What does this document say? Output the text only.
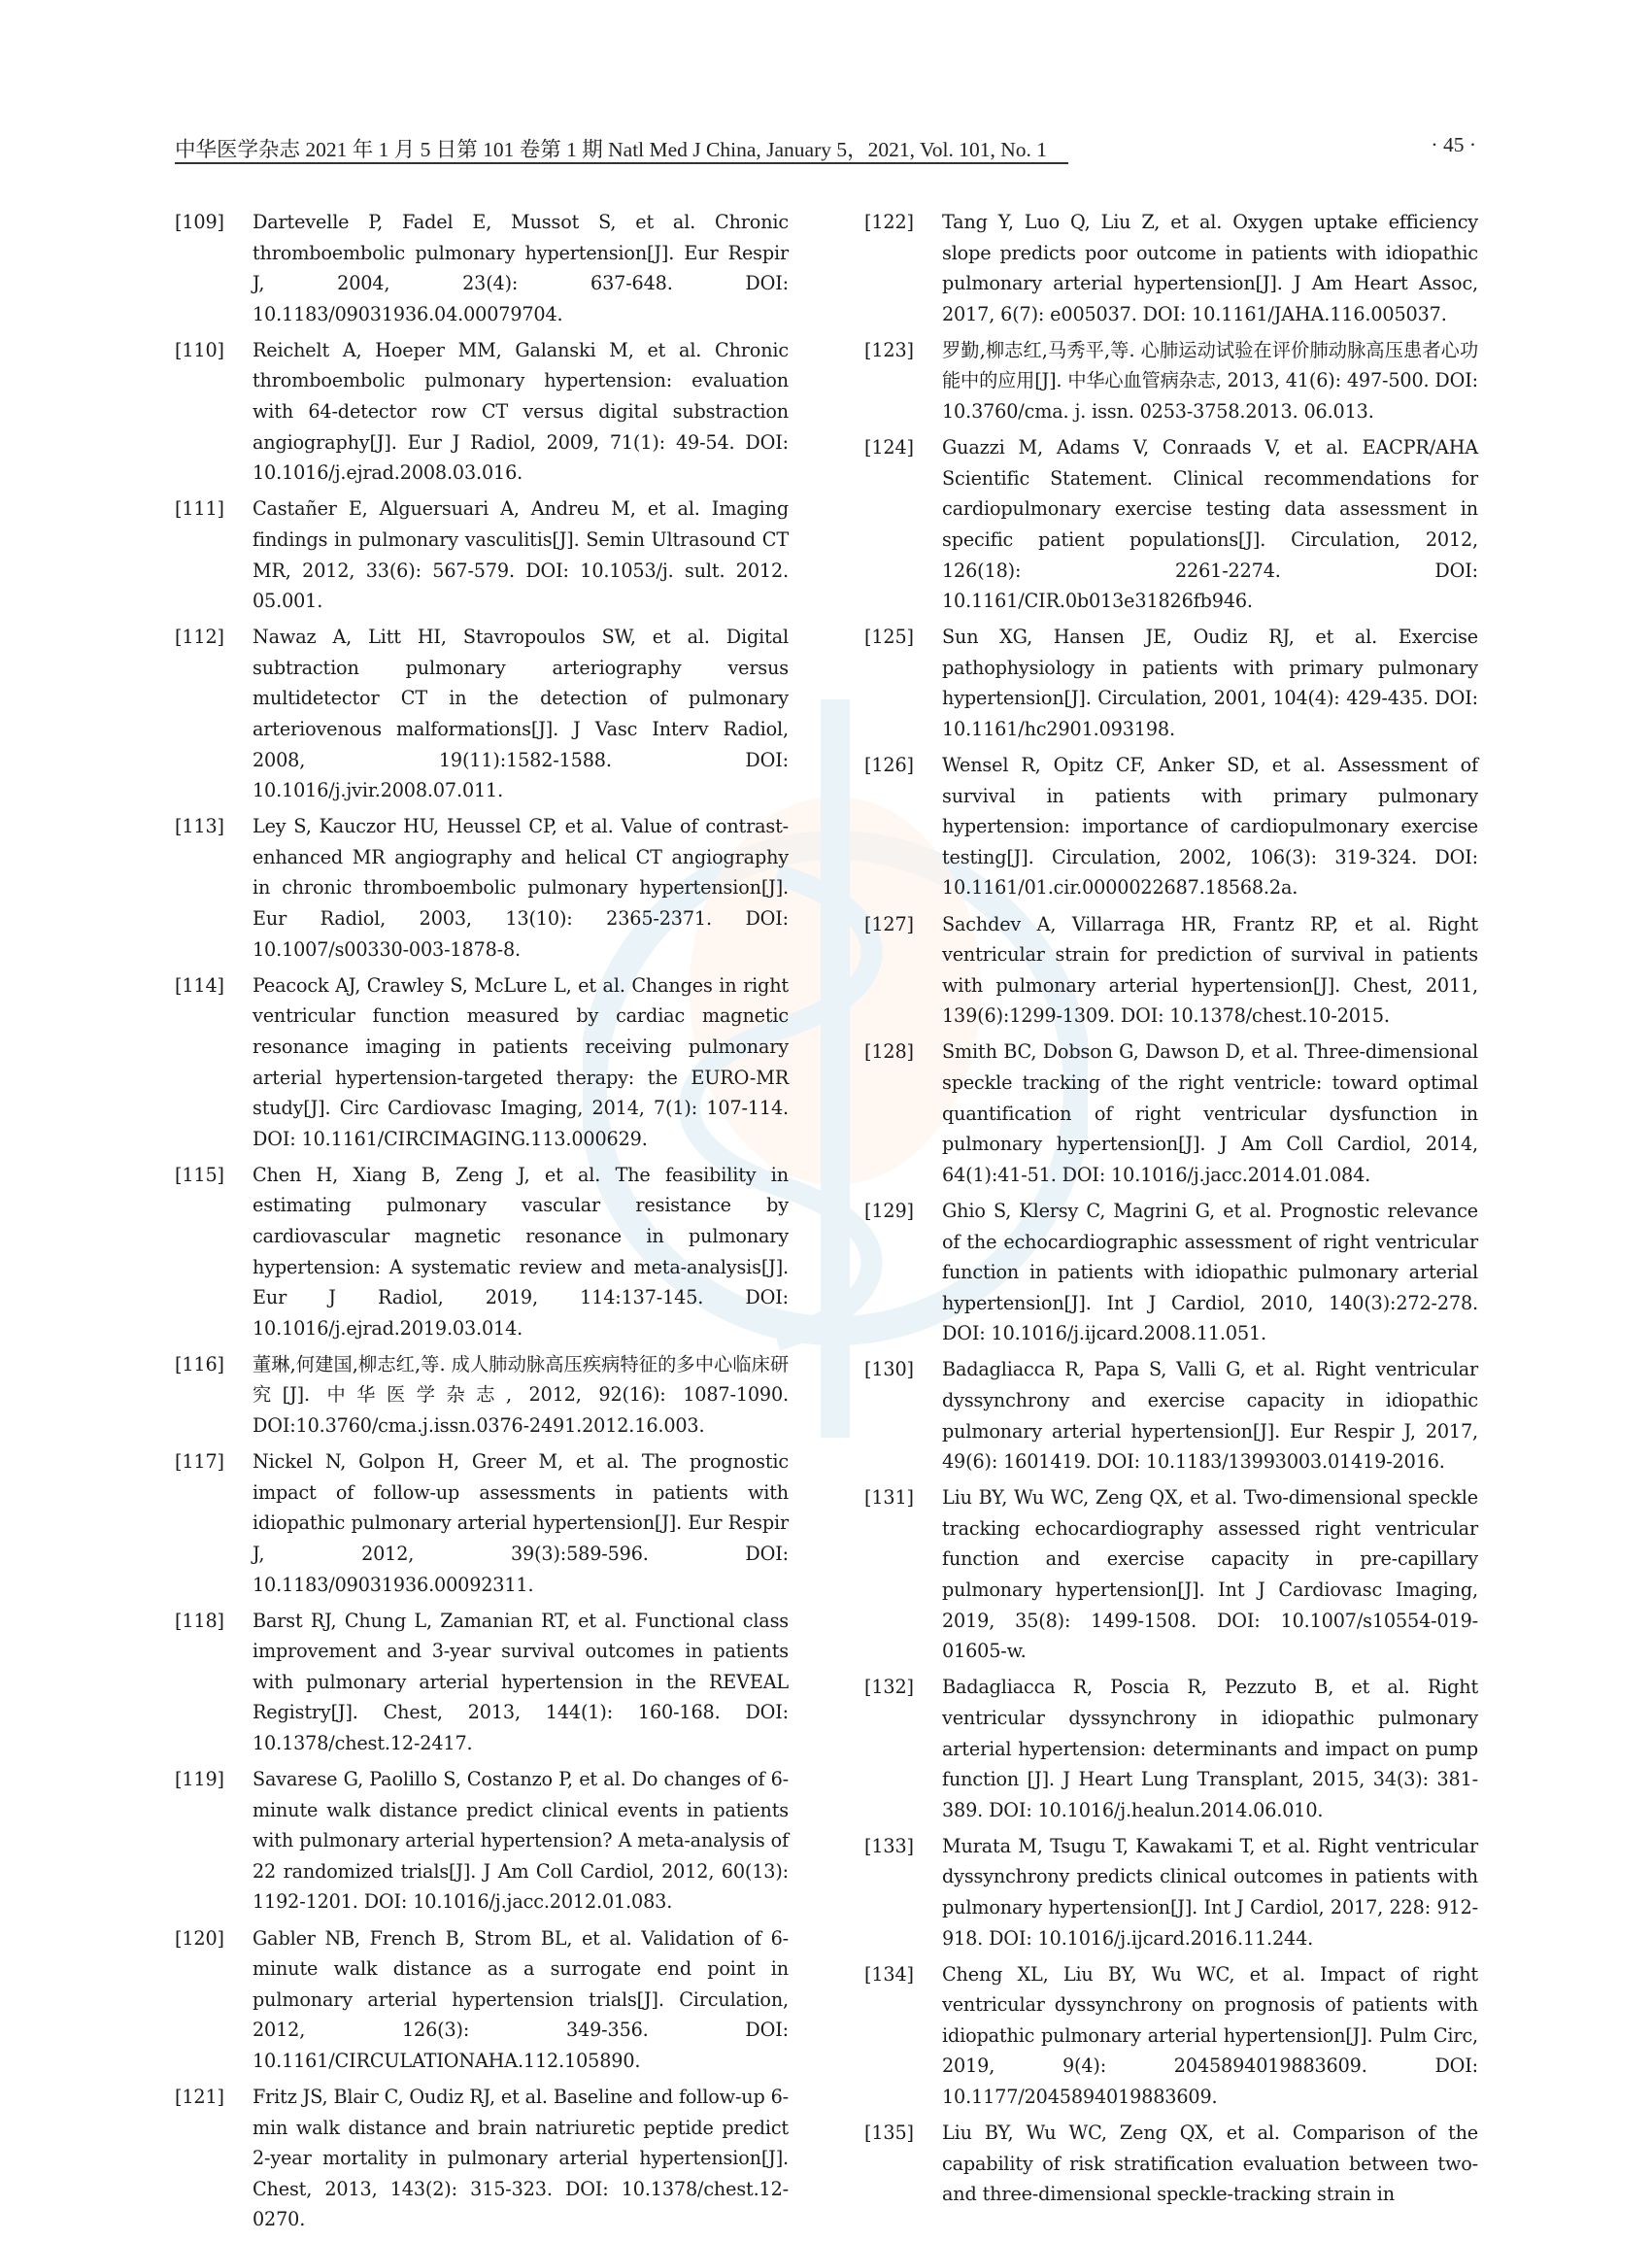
中华医学杂志 2021 年 1 月 5 日第 101 卷第 1 期 Natl Med J China, January 5，2021, Vol. 101, No. 1	· 45 ·
[109] Dartevelle P, Fadel E, Mussot S, et al. Chronic thromboembolic pulmonary hypertension[J]. Eur Respir J, 2004, 23(4): 637-648. DOI: 10.1183/09031936.04.00079704.
[110] Reichelt A, Hoeper MM, Galanski M, et al. Chronic thromboembolic pulmonary hypertension: evaluation with 64-detector row CT versus digital substraction angiography[J]. Eur J Radiol, 2009, 71(1): 49-54. DOI: 10.1016/j.ejrad.2008.03.016.
[111] Castañer E, Alguersuari A, Andreu M, et al. Imaging findings in pulmonary vasculitis[J]. Semin Ultrasound CT MR, 2012, 33(6): 567-579. DOI: 10.1053/j. sult. 2012. 05.001.
[112] Nawaz A, Litt HI, Stavropoulos SW, et al. Digital subtraction pulmonary arteriography versus multidetector CT in the detection of pulmonary arteriovenous malformations[J]. J Vasc Interv Radiol, 2008, 19(11):1582-1588. DOI: 10.1016/j.jvir.2008.07.011.
[113] Ley S, Kauczor HU, Heussel CP, et al. Value of contrast-enhanced MR angiography and helical CT angiography in chronic thromboembolic pulmonary hypertension[J]. Eur Radiol, 2003, 13(10): 2365-2371. DOI: 10.1007/s00330-003-1878-8.
[114] Peacock AJ, Crawley S, McLure L, et al. Changes in right ventricular function measured by cardiac magnetic resonance imaging in patients receiving pulmonary arterial hypertension-targeted therapy: the EURO-MR study[J]. Circ Cardiovasc Imaging, 2014, 7(1): 107-114. DOI: 10.1161/CIRCIMAGING.113.000629.
[115] Chen H, Xiang B, Zeng J, et al. The feasibility in estimating pulmonary vascular resistance by cardiovascular magnetic resonance in pulmonary hypertension: A systematic review and meta-analysis[J]. Eur J Radiol, 2019, 114:137-145. DOI: 10.1016/j.ejrad.2019.03.014.
[116] 董琳,何建国,柳志红,等. 成人肺动脉高压疾病特征的多中心临床研究[J]. 中华医学杂志, 2012, 92(16): 1087-1090. DOI:10.3760/cma.j.issn.0376-2491.2012.16.003.
[117] Nickel N, Golpon H, Greer M, et al. The prognostic impact of follow-up assessments in patients with idiopathic pulmonary arterial hypertension[J]. Eur Respir J, 2012, 39(3):589-596. DOI: 10.1183/09031936.00092311.
[118] Barst RJ, Chung L, Zamanian RT, et al. Functional class improvement and 3-year survival outcomes in patients with pulmonary arterial hypertension in the REVEAL Registry[J]. Chest, 2013, 144(1): 160-168. DOI: 10.1378/chest.12-2417.
[119] Savarese G, Paolillo S, Costanzo P, et al. Do changes of 6-minute walk distance predict clinical events in patients with pulmonary arterial hypertension? A meta-analysis of 22 randomized trials[J]. J Am Coll Cardiol, 2012, 60(13): 1192-1201. DOI: 10.1016/j.jacc.2012.01.083.
[120] Gabler NB, French B, Strom BL, et al. Validation of 6-minute walk distance as a surrogate end point in pulmonary arterial hypertension trials[J]. Circulation, 2012, 126(3): 349-356. DOI: 10.1161/CIRCULATIONAHA.112.105890.
[121] Fritz JS, Blair C, Oudiz RJ, et al. Baseline and follow-up 6-min walk distance and brain natriuretic peptide predict 2-year mortality in pulmonary arterial hypertension[J]. Chest, 2013, 143(2): 315-323. DOI: 10.1378/chest.12-0270.
[122] Tang Y, Luo Q, Liu Z, et al. Oxygen uptake efficiency slope predicts poor outcome in patients with idiopathic pulmonary arterial hypertension[J]. J Am Heart Assoc, 2017, 6(7): e005037. DOI: 10.1161/JAHA.116.005037.
[123] 罗勤,柳志红,马秀平,等. 心肺运动试验在评价肺动脉高压患者心功能中的应用[J]. 中华心血管病杂志, 2013, 41(6): 497-500. DOI: 10.3760/cma. j. issn. 0253-3758.2013. 06.013.
[124] Guazzi M, Adams V, Conraads V, et al. EACPR/AHA Scientific Statement. Clinical recommendations for cardiopulmonary exercise testing data assessment in specific patient populations[J]. Circulation, 2012, 126(18): 2261-2274. DOI: 10.1161/CIR.0b013e31826fb946.
[125] Sun XG, Hansen JE, Oudiz RJ, et al. Exercise pathophysiology in patients with primary pulmonary hypertension[J]. Circulation, 2001, 104(4): 429-435. DOI: 10.1161/hc2901.093198.
[126] Wensel R, Opitz CF, Anker SD, et al. Assessment of survival in patients with primary pulmonary hypertension: importance of cardiopulmonary exercise testing[J]. Circulation, 2002, 106(3): 319-324. DOI: 10.1161/01.cir.0000022687.18568.2a.
[127] Sachdev A, Villarraga HR, Frantz RP, et al. Right ventricular strain for prediction of survival in patients with pulmonary arterial hypertension[J]. Chest, 2011, 139(6):1299-1309. DOI: 10.1378/chest.10-2015.
[128] Smith BC, Dobson G, Dawson D, et al. Three-dimensional speckle tracking of the right ventricle: toward optimal quantification of right ventricular dysfunction in pulmonary hypertension[J]. J Am Coll Cardiol, 2014, 64(1):41-51. DOI: 10.1016/j.jacc.2014.01.084.
[129] Ghio S, Klersy C, Magrini G, et al. Prognostic relevance of the echocardiographic assessment of right ventricular function in patients with idiopathic pulmonary arterial hypertension[J]. Int J Cardiol, 2010, 140(3):272-278. DOI: 10.1016/j.ijcard.2008.11.051.
[130] Badagliacca R, Papa S, Valli G, et al. Right ventricular dyssynchrony and exercise capacity in idiopathic pulmonary arterial hypertension[J]. Eur Respir J, 2017, 49(6): 1601419. DOI: 10.1183/13993003.01419-2016.
[131] Liu BY, Wu WC, Zeng QX, et al. Two-dimensional speckle tracking echocardiography assessed right ventricular function and exercise capacity in pre-capillary pulmonary hypertension[J]. Int J Cardiovasc Imaging, 2019, 35(8): 1499-1508. DOI: 10.1007/s10554-019-01605-w.
[132] Badagliacca R, Poscia R, Pezzuto B, et al. Right ventricular dyssynchrony in idiopathic pulmonary arterial hypertension: determinants and impact on pump function [J]. J Heart Lung Transplant, 2015, 34(3): 381-389. DOI: 10.1016/j.healun.2014.06.010.
[133] Murata M, Tsugu T, Kawakami T, et al. Right ventricular dyssynchrony predicts clinical outcomes in patients with pulmonary hypertension[J]. Int J Cardiol, 2017, 228: 912-918. DOI: 10.1016/j.ijcard.2016.11.244.
[134] Cheng XL, Liu BY, Wu WC, et al. Impact of right ventricular dyssynchrony on prognosis of patients with idiopathic pulmonary arterial hypertension[J]. Pulm Circ, 2019, 9(4): 2045894019883609. DOI: 10.1177/2045894019883609.
[135] Liu BY, Wu WC, Zeng QX, et al. Comparison of the capability of risk stratification evaluation between two-and three-dimensional speckle-tracking strain in
